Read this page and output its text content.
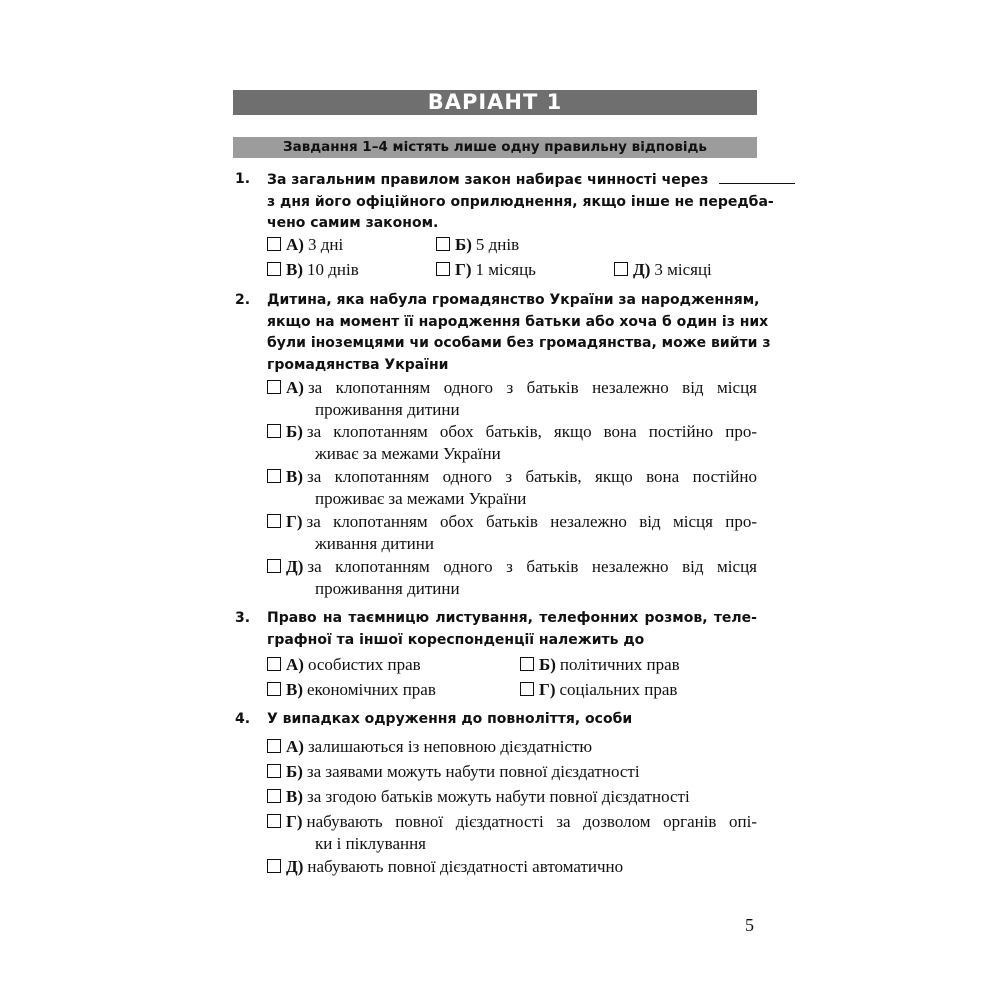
ВАРІАНТ 1
Завдання 1–4 містять лише одну правильну відповідь
1. За загальним правилом закон набирає чинності через
з дня його офіційного оприлюднення, якщо інше не передба-
чено самим законом.
А) 3 дні	Б) 5 днів
В) 10 днів	Г) 1 місяць	Д) 3 місяці
2. Дитина, яка набула громадянство України за народженням,
якщо на момент її народження батьки або хоча б один із них
були іноземцями чи особами без громадянства, може вийти з
громадянства України
А) за клопотанням одного з батьків незалежно від місця
проживання дитини
Б) за клопотанням обох батьків, якщо вона постійно про-
живає за межами України
В) за клопотанням одного з батьків, якщо вона постійно
проживає за межами України
Г) за клопотанням обох батьків незалежно від місця про-
живання дитини
Д) за клопотанням одного з батьків незалежно від місця
проживання дитини
3. Право на таємницю листування, телефонних розмов, теле-
графної та іншої кореспонденції належить до
А) особистих прав	Б) політичних прав
В) економічних прав	Г) соціальних прав
4. У випадках одруження до повноліття, особи
А) залишаються із неповною дієздатністю
Б) за заявами можуть набути повної дієздатності
В) за згодою батьків можуть набути повної дієздатності
Г) набувають повної дієздатності за дозволом органів опі-
ки і піклування
Д) набувають повної дієздатності автоматично
5
